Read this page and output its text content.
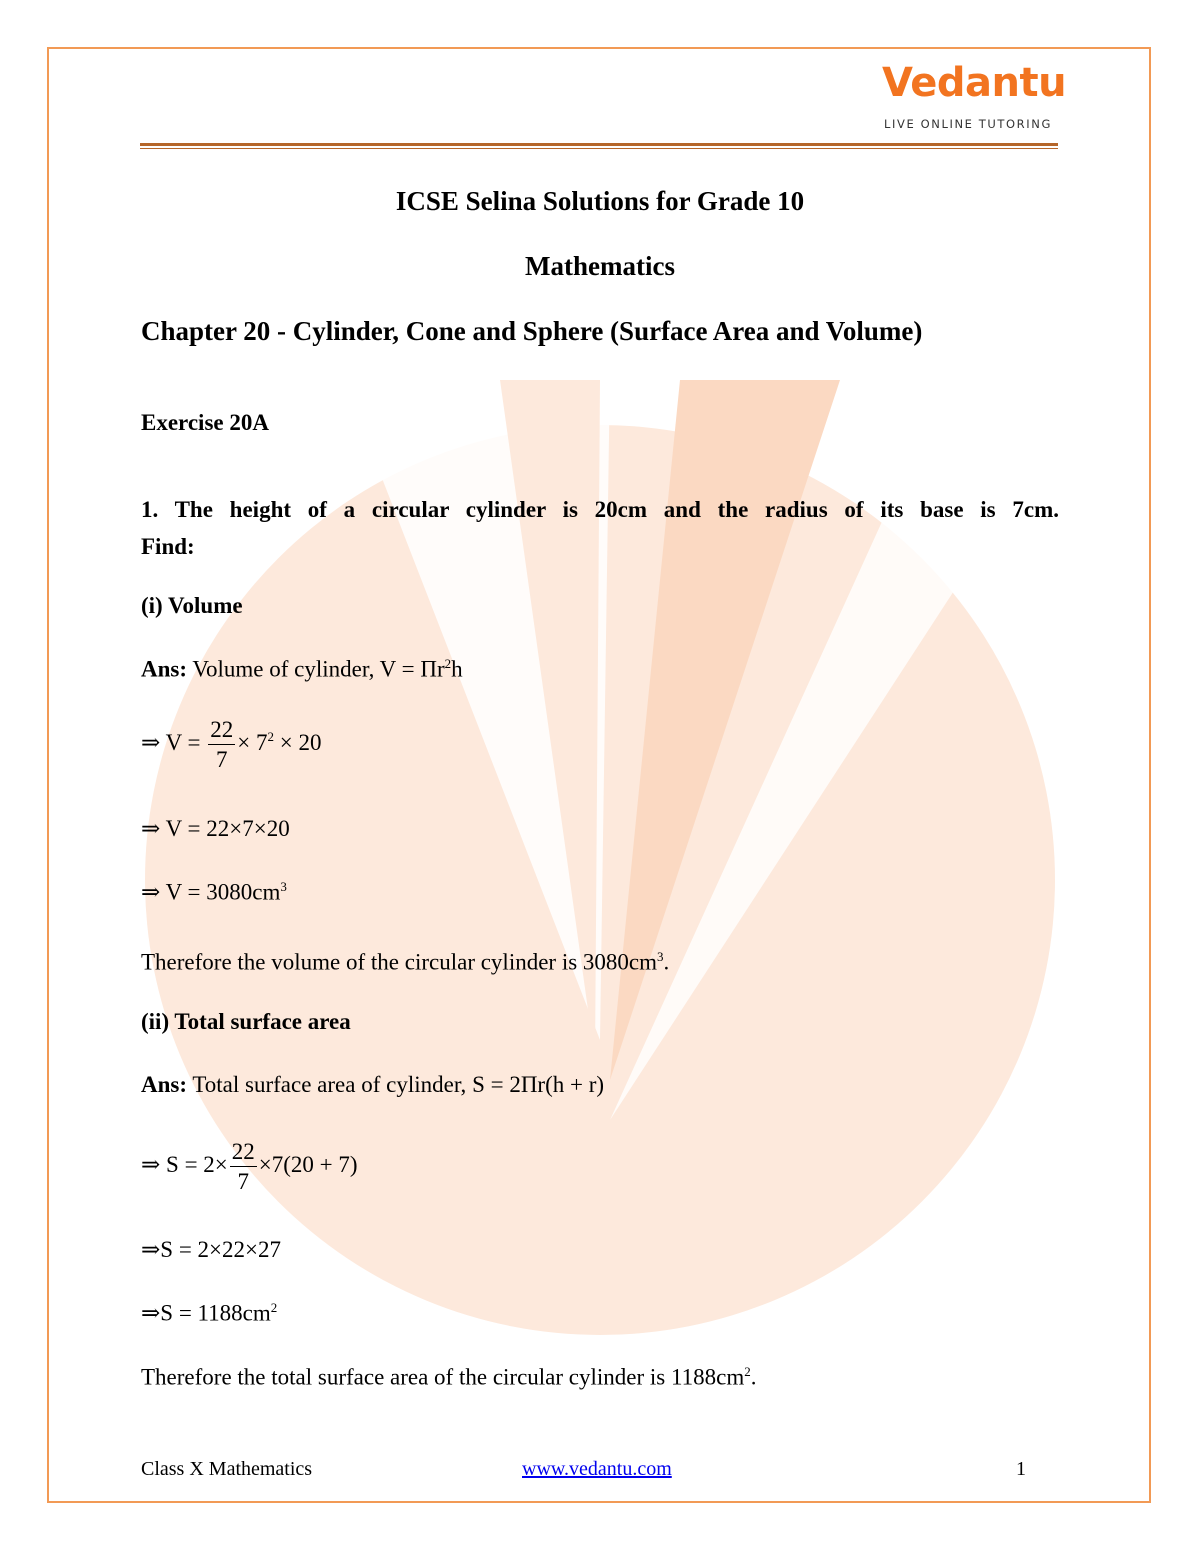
Vedantu
LIVE ONLINE TUTORING
ICSE Selina Solutions for Grade 10
Mathematics
Chapter 20 - Cylinder, Cone and Sphere (Surface Area and Volume)
Exercise 20A
1. The height of a circular cylinder is 20cm and the radius of its base is 7cm.
Find:
(i) Volume
Ans: Volume of cylinder, $V = \Pi r^2h$
⇒ $V = \frac{22}{7} \times 7^2 \times 20$
⇒ V = 22×7×20
⇒ $V = 3080cm^3$
Therefore the volume of the circular cylinder is $3080cm^3$.
(ii) Total surface area
Ans: Total surface area of cylinder, S = 2Πr(h + r)
⇒ $S = 2\times \frac{22}{7} \times 7(20 + 7)$
⇒S = 2×22×27
⇒S = $1188cm^2$
Therefore the total surface area of the circular cylinder is $1188cm^2$.
Class X Mathematics	www.vedantu.com	1
